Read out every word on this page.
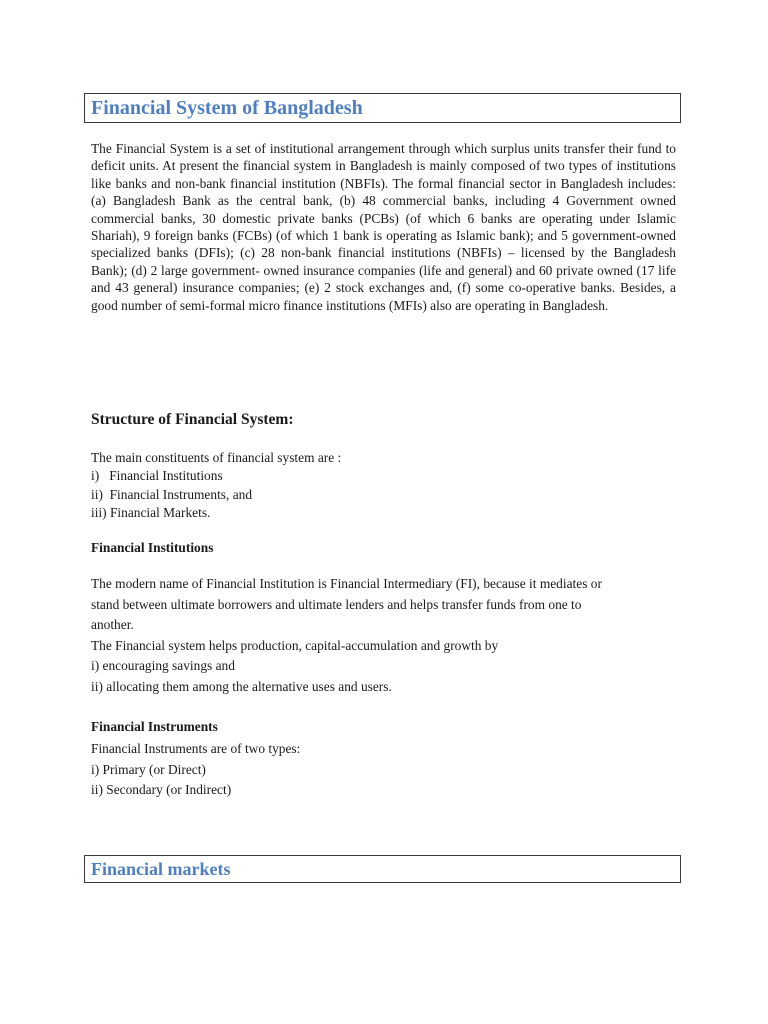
Financial System of Bangladesh

The Financial System is a set of institutional arrangement through which surplus units transfer their fund to deficit units. At present the financial system in Bangladesh is mainly composed of two types of institutions like banks and non-bank financial institution (NBFIs). The formal financial sector in Bangladesh includes: (a) Bangladesh Bank as the central bank, (b) 48 commercial banks, including 4 Government owned commercial banks, 30 domestic private banks (PCBs) (of which 6 banks are operating under Islamic Shariah), 9 foreign banks (FCBs) (of which 1 bank is operating as Islamic bank); and 5 government-owned specialized banks (DFIs); (c) 28 non-bank financial institutions (NBFIs) – licensed by the Bangladesh Bank); (d) 2 large government- owned insurance companies (life and general) and 60 private owned (17 life and 43 general) insurance companies; (e) 2 stock exchanges and, (f) some co-operative banks. Besides, a good number of semi-formal micro finance institutions (MFIs) also are operating in Bangladesh.

Structure of Financial System:

The main constituents of financial system are :
i)   Financial Institutions
ii)  Financial Instruments, and
iii) Financial Markets.

Financial Institutions

The modern name of Financial Institution is Financial Intermediary (FI), because it mediates or
stand between ultimate borrowers and ultimate lenders and helps transfer funds from one to
another.
The Financial system helps production, capital-accumulation and growth by
i) encouraging savings and
ii) allocating them among the alternative uses and users.

Financial Instruments

Financial Instruments are of two types:
i) Primary (or Direct)
ii) Secondary (or Indirect)
Financial markets
